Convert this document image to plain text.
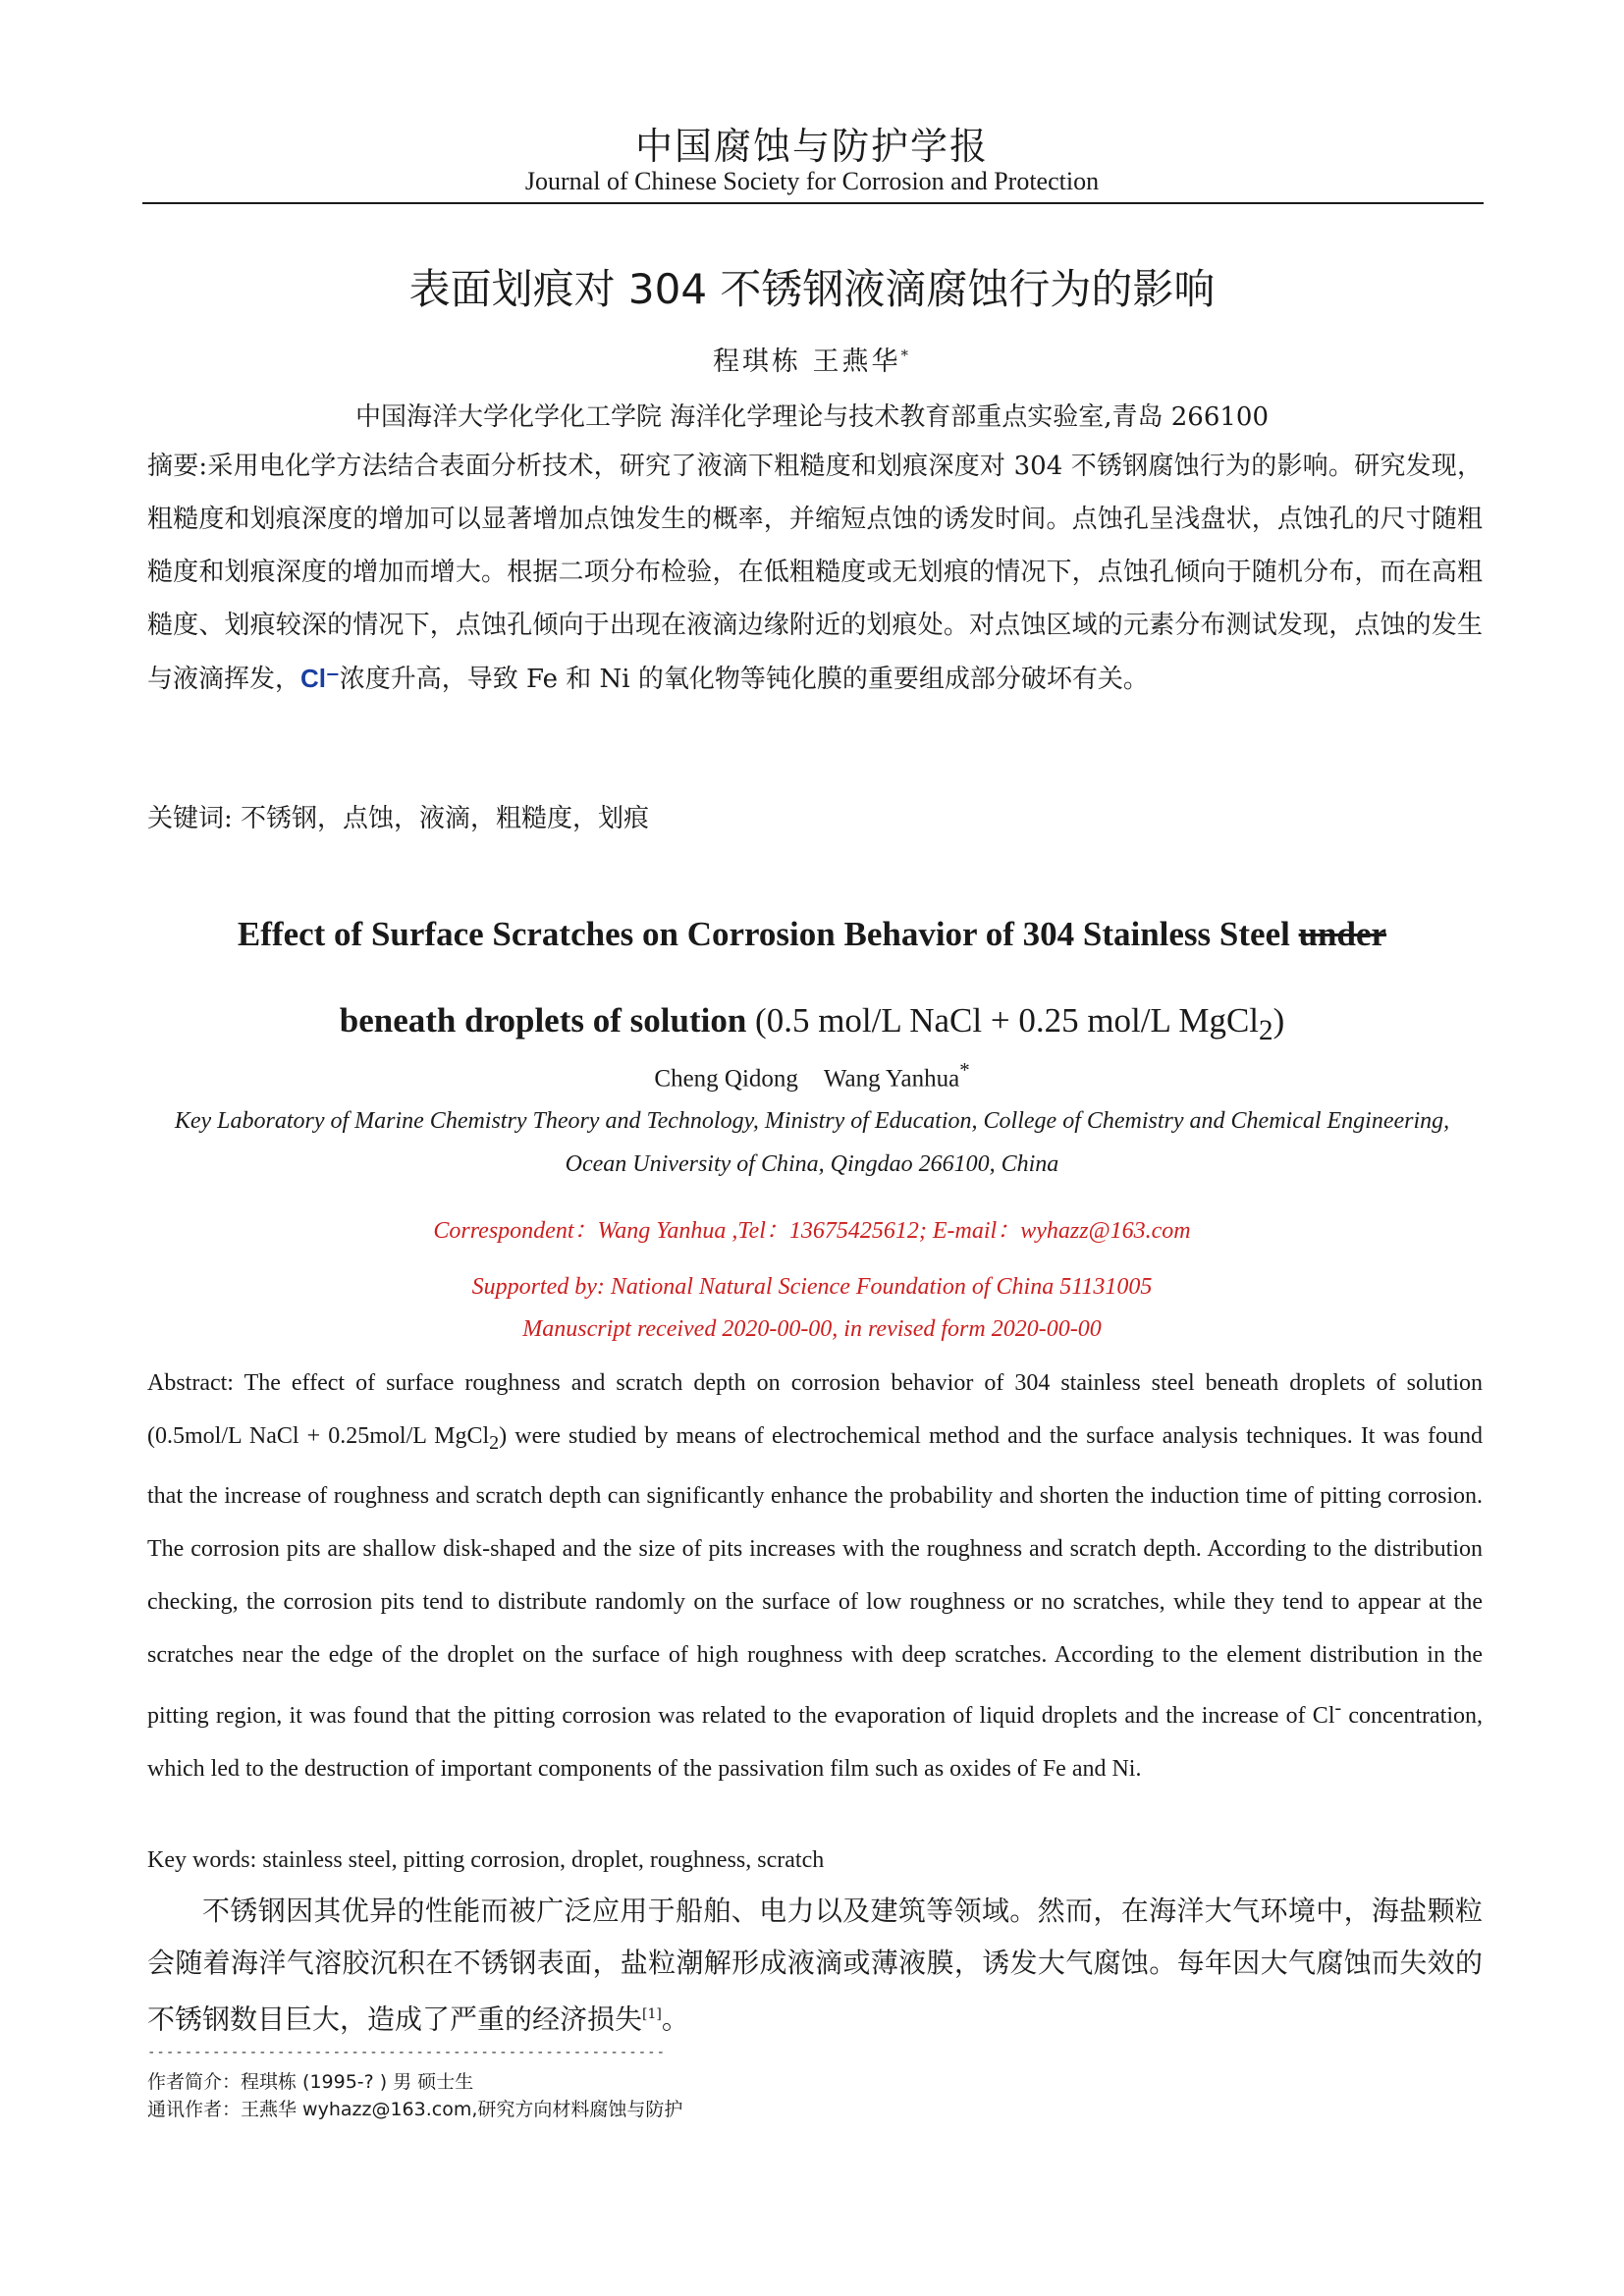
中国腐蚀与防护学报
Journal of Chinese Society for Corrosion and Protection
表面划痕对 304 不锈钢液滴腐蚀行为的影响
程琪栋 王燕华*
中国海洋大学化学化工学院 海洋化学理论与技术教育部重点实验室,青岛 266100
摘要:采用电化学方法结合表面分析技术，研究了液滴下粗糙度和划痕深度对 304 不锈钢腐蚀行为的影响。研究发现，粗糙度和划痕深度的增加可以显著增加点蚀发生的概率，并缩短点蚀的诱发时间。点蚀孔呈浅盘状，点蚀孔的尺寸随粗糙度和划痕深度的增加而增大。根据二项分布检验，在低粗糙度或无划痕的情况下，点蚀孔倾向于随机分布，而在高粗糙度、划痕较深的情况下，点蚀孔倾向于出现在液滴边缘附近的划痕处。对点蚀区域的元素分布测试发现，点蚀的发生与液滴挥发，Cl⁻浓度升高，导致 Fe 和 Ni 的氧化物等钝化膜的重要组成部分破坏有关。
关键词: 不锈钢，点蚀，液滴，粗糙度，划痕
Effect of Surface Scratches on Corrosion Behavior of 304 Stainless Steel under
beneath droplets of solution (0.5 mol/L NaCl + 0.25 mol/L MgCl$_2$)
Cheng Qidong Wang Yanhua*
Key Laboratory of Marine Chemistry Theory and Technology, Ministry of Education, College of Chemistry and Chemical Engineering,
Ocean University of China, Qingdao 266100, China
Correspondent：Wang Yanhua ,Tel：13675425612; E-mail：wyhazz@163.com
Supported by: National Natural Science Foundation of China 51131005
Manuscript received 2020-00-00, in revised form 2020-00-00
Abstract: The effect of surface roughness and scratch depth on corrosion behavior of 304 stainless steel beneath droplets of solution (0.5mol/L NaCl + 0.25mol/L MgCl$_2$) were studied by means of electrochemical method and the surface analysis techniques. It was found that the increase of roughness and scratch depth can significantly enhance the probability and shorten the induction time of pitting corrosion. The corrosion pits are shallow disk-shaped and the size of pits increases with the roughness and scratch depth. According to the distribution checking, the corrosion pits tend to distribute randomly on the surface of low roughness or no scratches, while they tend to appear at the scratches near the edge of the droplet on the surface of high roughness with deep scratches. According to the element distribution in the pitting region, it was found that the pitting corrosion was related to the evaporation of liquid droplets and the increase of Cl- concentration, which led to the destruction of important components of the passivation film such as oxides of Fe and Ni.
Key words: stainless steel, pitting corrosion, droplet, roughness, scratch
不锈钢因其优异的性能而被广泛应用于船舶、电力以及建筑等领域。然而，在海洋大气环境中，海盐颗粒会随着海洋气溶胶沉积在不锈钢表面，盐粒潮解形成液滴或薄液膜，诱发大气腐蚀。每年因大气腐蚀而失效的不锈钢数目巨大，造成了严重的经济损失[1]。
--------------------------------------------------------
作者简介：程琪栋 (1995-? ) 男 硕士生
通讯作者：王燕华 wyhazz@163.com,研究方向材料腐蚀与防护
